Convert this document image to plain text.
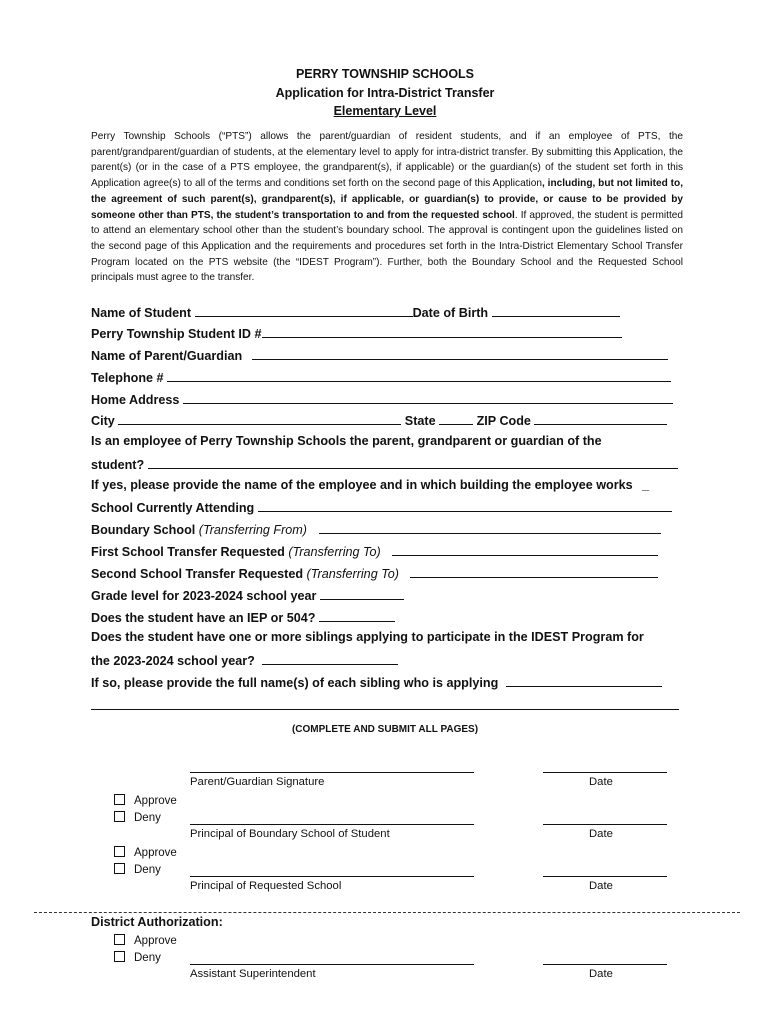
PERRY TOWNSHIP SCHOOLS
Application for Intra-District Transfer
Elementary Level
Perry Township Schools (“PTS”) allows the parent/guardian of resident students, and if an employee of PTS, the parent/grandparent/guardian of students, at the elementary level to apply for intra-district transfer. By submitting this Application, the parent(s) (or in the case of a PTS employee, the grandparent(s), if applicable) or the guardian(s) of the student set forth in this Application agree(s) to all of the terms and conditions set forth on the second page of this Application, including, but not limited to, the agreement of such parent(s), grandparent(s), if applicable, or guardian(s) to provide, or cause to be provided by someone other than PTS, the student’s transportation to and from the requested school. If approved, the student is permitted to attend an elementary school other than the student’s boundary school. The approval is contingent upon the guidelines listed on the second page of this Application and the requirements and procedures set forth in the Intra-District Elementary School Transfer Program located on the PTS website (the “IDEST Program”). Further, both the Boundary School and the Requested School principals must agree to the transfer.
Name of Student	Date of Birth
Perry Township Student ID #
Name of Parent/Guardian
Telephone #
Home Address
City	State	ZIP Code
Is an employee of Perry Township Schools the parent, grandparent or guardian of the
student?
If yes, please provide the name of the employee and in which building the employee works _
School Currently Attending
Boundary School (Transferring From)
First School Transfer Requested (Transferring To)
Second School Transfer Requested (Transferring To)
Grade level for 2023-2024 school year
Does the student have an IEP or 504?
Does the student have one or more siblings applying to participate in the IDEST Program for
the 2023-2024 school year?
If so, please provide the full name(s) of each sibling who is applying
(COMPLETE AND SUBMIT ALL PAGES)
Parent/Guardian Signature	Date
Approve
Deny
Principal of Boundary School of Student	Date
Approve
Deny
Principal of Requested School	Date
District Authorization:
Approve
Deny
Assistant Superintendent	Date
